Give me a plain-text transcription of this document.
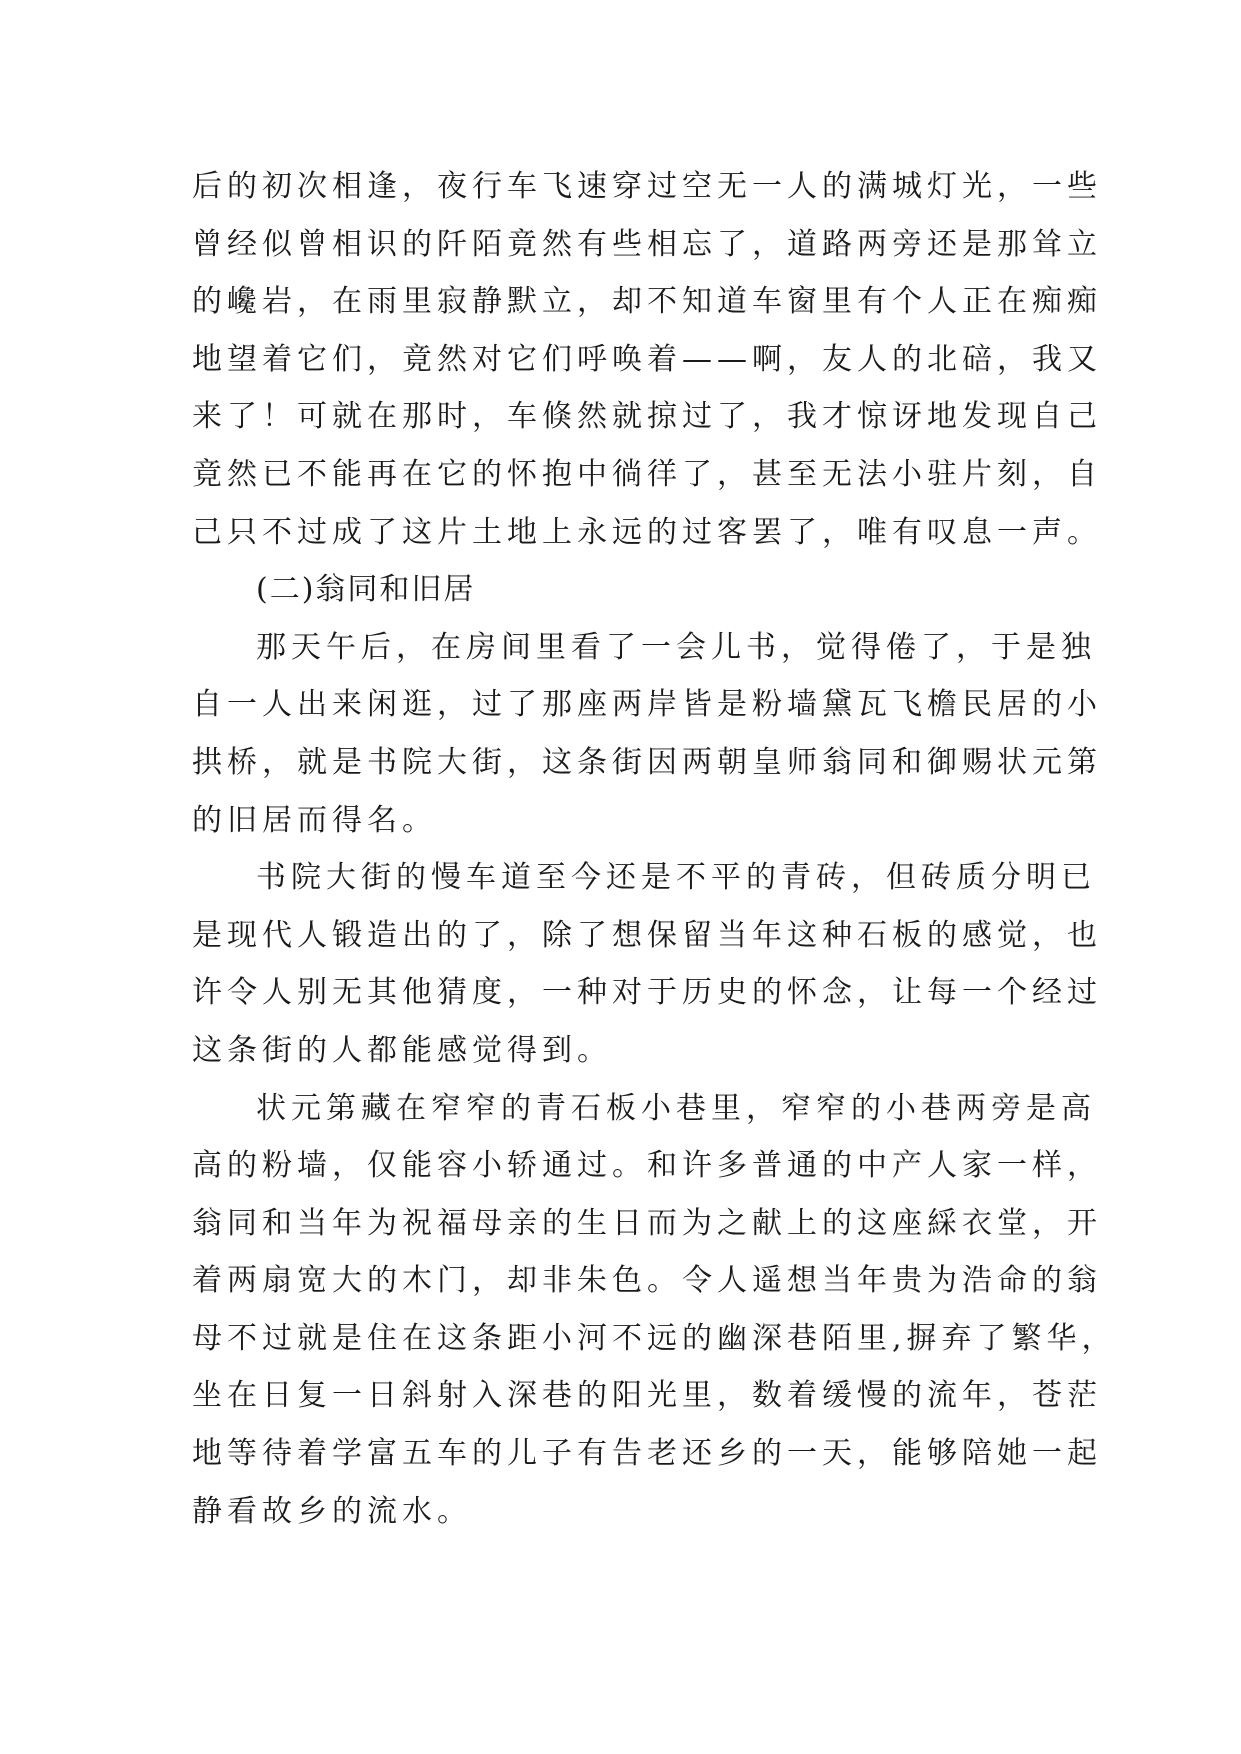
后的初次相逢，夜行车飞速穿过空无一人的满城灯光，一些
曾经似曾相识的阡陌竟然有些相忘了，道路两旁还是那耸立
的巉岩，在雨里寂静默立，却不知道车窗里有个人正在痴痴
地望着它们，竟然对它们呼唤着——啊，友人的北碚，我又
来了！可就在那时，车倏然就掠过了，我才惊讶地发现自己
竟然已不能再在它的怀抱中徜徉了，甚至无法小驻片刻，自
己只不过成了这片土地上永远的过客罢了，唯有叹息一声。
(二)翁同和旧居
那天午后，在房间里看了一会儿书，觉得倦了，于是独
自一人出来闲逛，过了那座两岸皆是粉墙黛瓦飞檐民居的小
拱桥，就是书院大街，这条街因两朝皇师翁同和御赐状元第
的旧居而得名。
书院大街的慢车道至今还是不平的青砖，但砖质分明已
是现代人锻造出的了，除了想保留当年这种石板的感觉，也
许令人别无其他猜度，一种对于历史的怀念，让每一个经过
这条街的人都能感觉得到。
状元第藏在窄窄的青石板小巷里，窄窄的小巷两旁是高
高的粉墙，仅能容小轿通过。和许多普通的中产人家一样，
翁同和当年为祝福母亲的生日而为之献上的这座綵衣堂，开
着两扇宽大的木门，却非朱色。令人遥想当年贵为浩命的翁
母不过就是住在这条距小河不远的幽深巷陌里,摒弃了繁华，
坐在日复一日斜射入深巷的阳光里，数着缓慢的流年，苍茫
地等待着学富五车的儿子有告老还乡的一天，能够陪她一起
静看故乡的流水。
